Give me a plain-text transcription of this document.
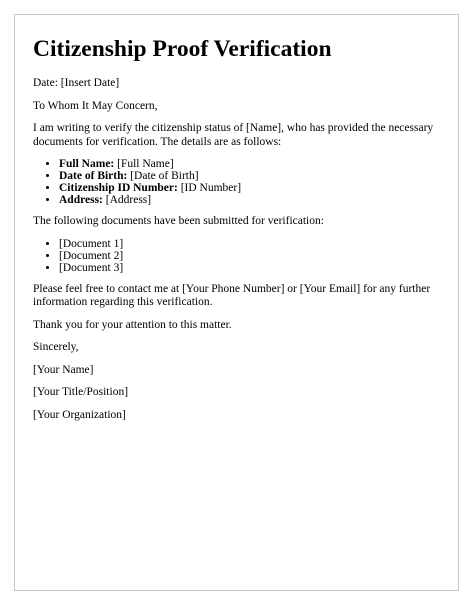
Citizenship Proof Verification

Date: [Insert Date]

To Whom It May Concern,

I am writing to verify the citizenship status of [Name], who has provided the necessary documents for verification. The details are as follows:

• Full Name: [Full Name]
• Date of Birth: [Date of Birth]
• Citizenship ID Number: [ID Number]
• Address: [Address]

The following documents have been submitted for verification:

• [Document 1]
• [Document 2]
• [Document 3]

Please feel free to contact me at [Your Phone Number] or [Your Email] for any further information regarding this verification.

Thank you for your attention to this matter.

Sincerely,

[Your Name]

[Your Title/Position]

[Your Organization]
